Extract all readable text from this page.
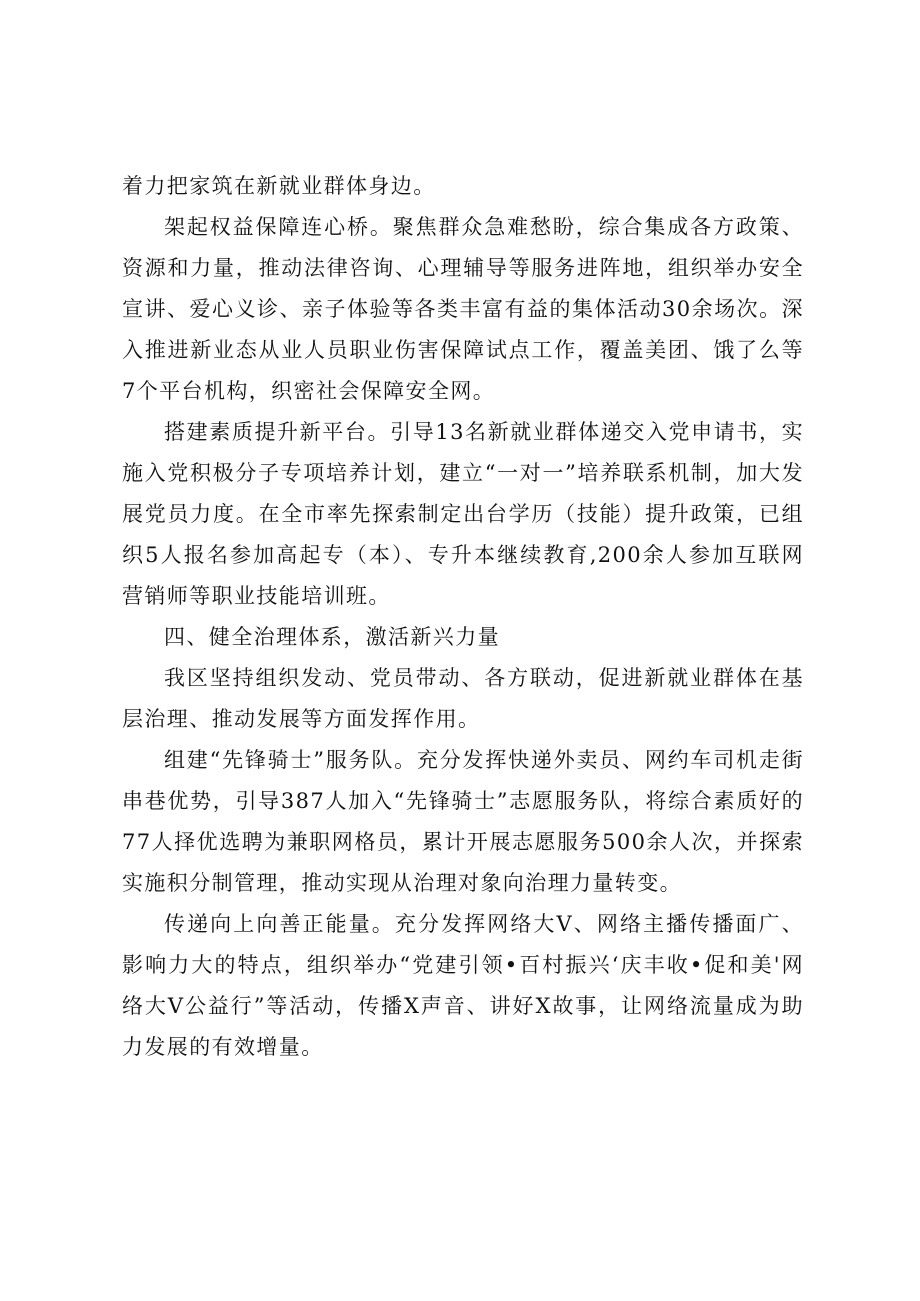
着力把家筑在新就业群体身边。

架起权益保障连心桥。聚焦群众急难愁盼，综合集成各方政策、资源和力量，推动法律咨询、心理辅导等服务进阵地，组织举办安全宣讲、爱心义诊、亲子体验等各类丰富有益的集体活动30余场次。深入推进新业态从业人员职业伤害保障试点工作，覆盖美团、饿了么等7个平台机构，织密社会保障安全网。

搭建素质提升新平台。引导13名新就业群体递交入党申请书，实施入党积极分子专项培养计划，建立“一对一”培养联系机制，加大发展党员力度。在全市率先探索制定出台学历（技能）提升政策，已组织5人报名参加高起专（本）、专升本继续教育,200余人参加互联网营销师等职业技能培训班。

四、健全治理体系，激活新兴力量

我区坚持组织发动、党员带动、各方联动，促进新就业群体在基层治理、推动发展等方面发挥作用。

组建“先锋骑士”服务队。充分发挥快递外卖员、网约车司机走街串巷优势，引导387人加入“先锋骑士”志愿服务队，将综合素质好的77人择优选聘为兼职网格员，累计开展志愿服务500余人次，并探索实施积分制管理，推动实现从治理对象向治理力量转变。

传递向上向善正能量。充分发挥网络大V、网络主播传播面广、影响力大的特点，组织举办“党建引领•百村振兴‘庆丰收•促和美'网络大V公益行”等活动，传播X声音、讲好X故事，让网络流量成为助力发展的有效增量。
